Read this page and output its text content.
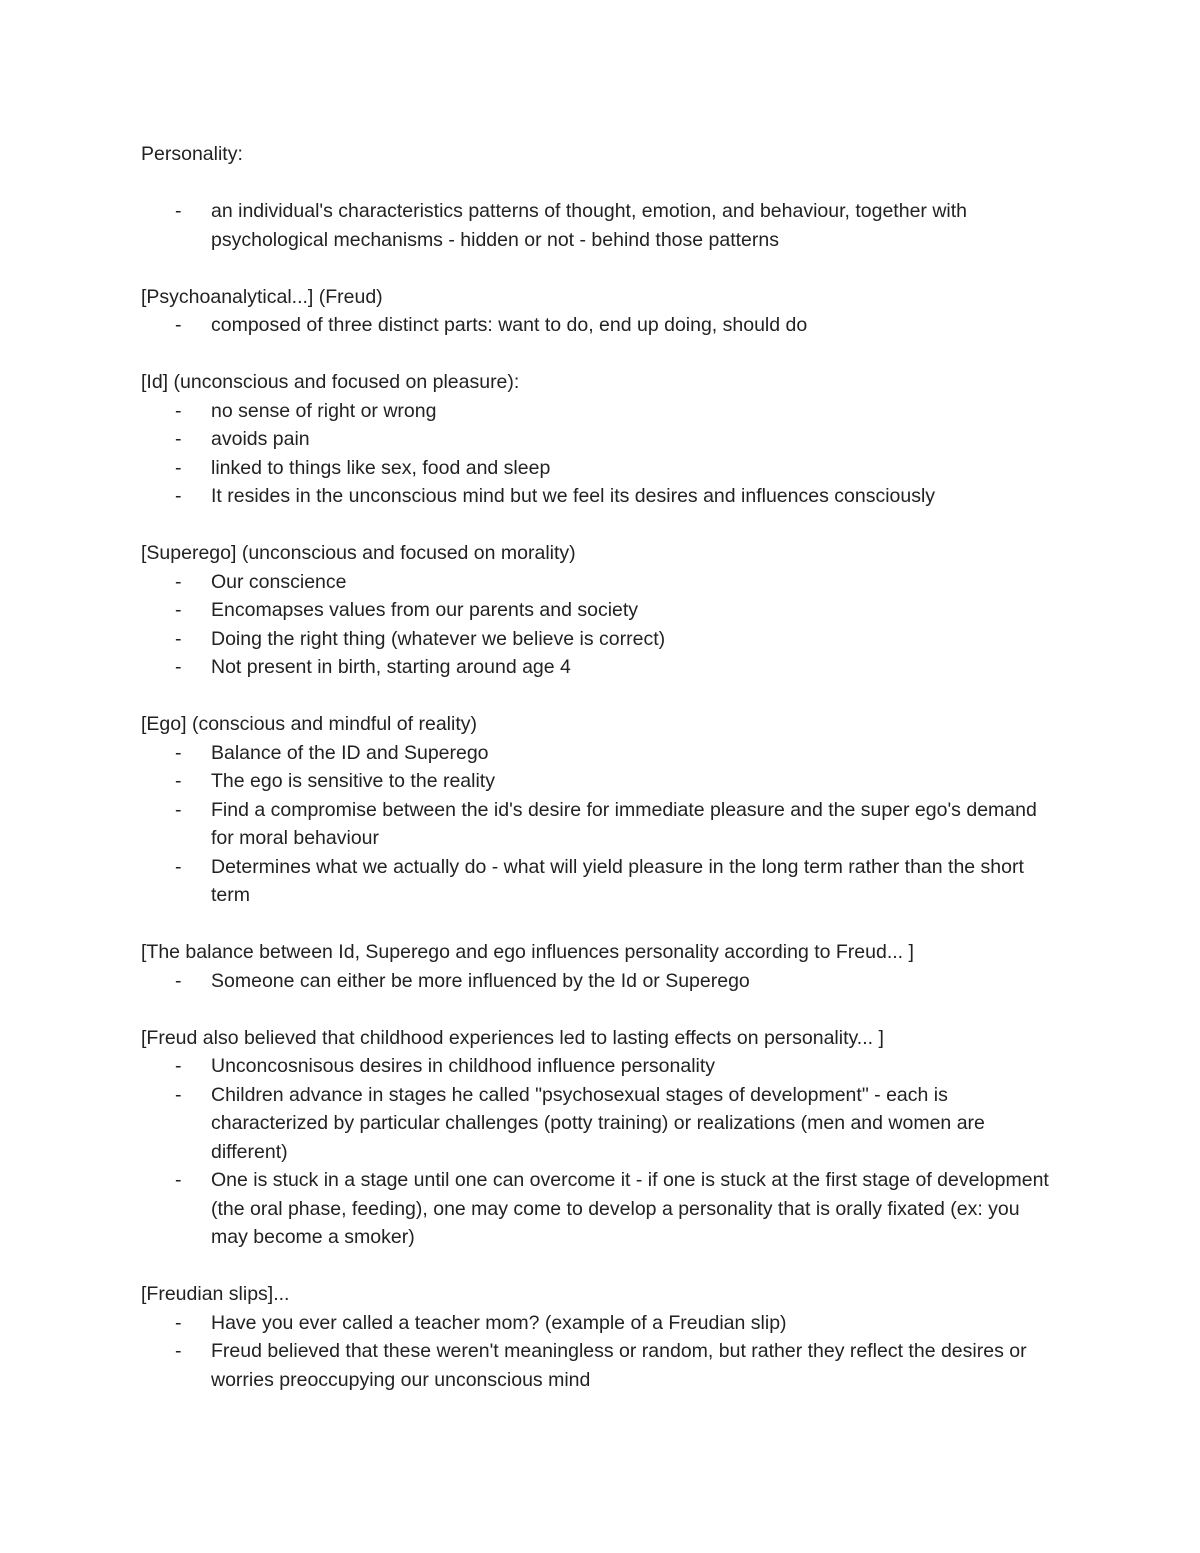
Personality:

- an individual's characteristics patterns of thought, emotion, and behaviour, together with psychological mechanisms - hidden or not - behind those patterns

[Psychoanalytical...] (Freud)

- composed of three distinct parts: want to do, end up doing, should do

[Id] (unconscious and focused on pleasure):

- no sense of right or wrong
- avoids pain
- linked to things like sex, food and sleep
- It resides in the unconscious mind but we feel its desires and influences consciously

[Superego] (unconscious and focused on morality)

- Our conscience
- Encomapses values from our parents and society
- Doing the right thing (whatever we believe is correct)
- Not present in birth, starting around age 4

[Ego] (conscious and mindful of reality)

- Balance of the ID and Superego
- The ego is sensitive to the reality
- Find a compromise between the id's desire for immediate pleasure and the super ego's demand for moral behaviour
- Determines what we actually do - what will yield pleasure in the long term rather than the short term

[The balance between Id, Superego and ego influences personality according to Freud... ]

- Someone can either be more influenced by the Id or Superego

[Freud also believed that childhood experiences led to lasting effects on personality... ]

- Unconcosnisous desires in childhood influence personality
- Children advance in stages he called "psychosexual stages of development" - each is characterized by particular challenges (potty training) or realizations (men and women are different)
- One is stuck in a stage until one can overcome it - if one is stuck at the first stage of development (the oral phase, feeding), one may come to develop a personality that is orally fixated (ex: you may become a smoker)

[Freudian slips]...

- Have you ever called a teacher mom? (example of a Freudian slip)
- Freud believed that these weren't meaningless or random, but rather they reflect the desires or worries preoccupying our unconscious mind
